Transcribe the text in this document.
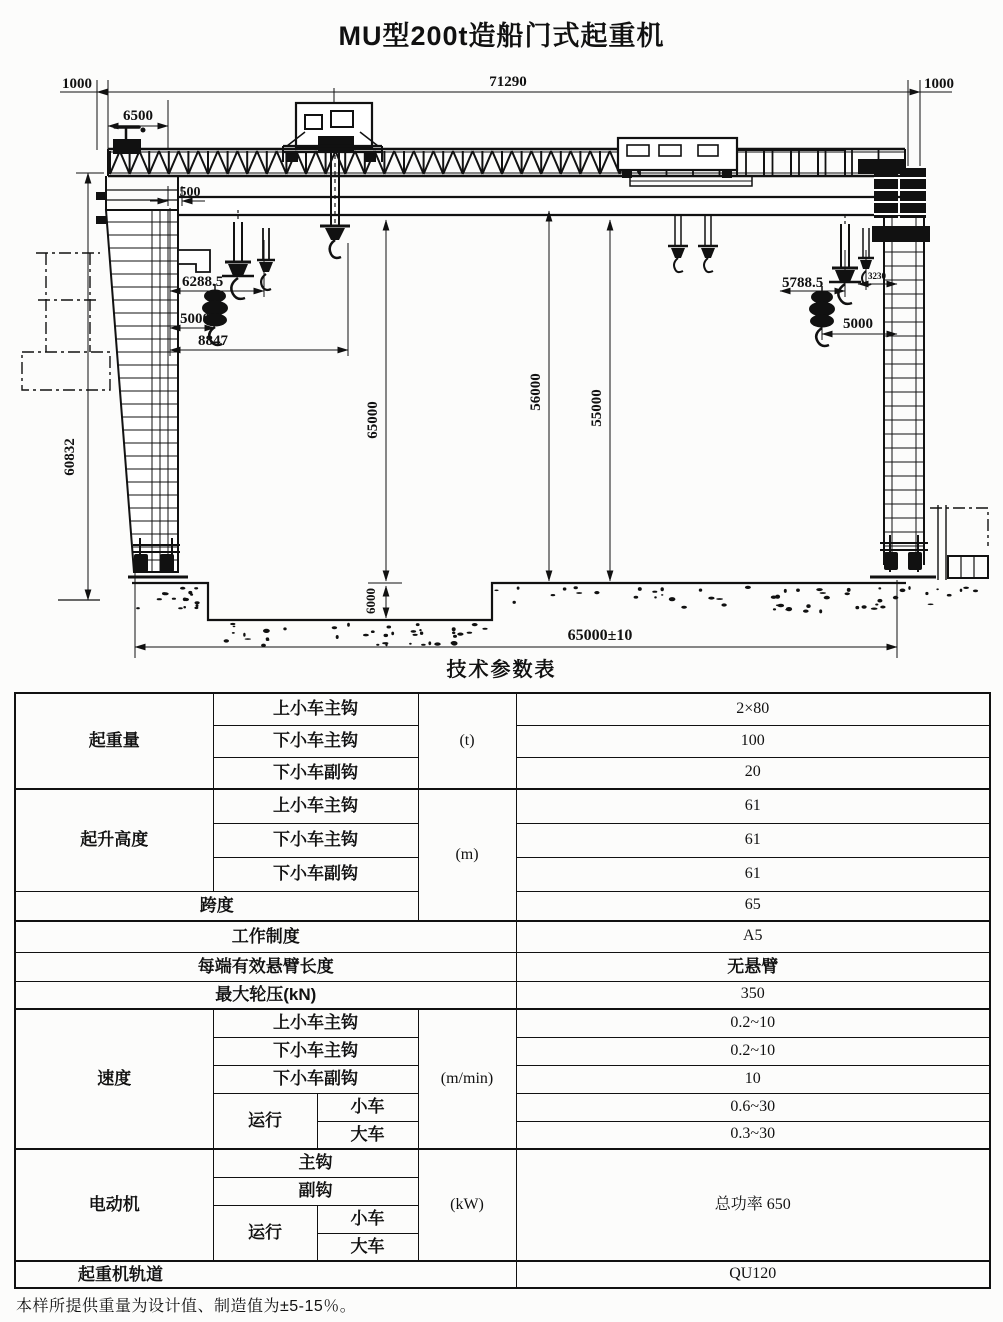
MU型200t造船门式起重机
1000	71290	1000
6500
500
6288.5
5000
8847
5788.5	3230
5000
60832
65000
6000
56000	55000
65000±10
技术参数表
起重量	上小车主钩		(t)	2×80
	下小车主钩			100
	下小车副钩			20
起升高度	上小车主钩		(m)	61
	下小车主钩			61
	下小车副钩			61
跨度				65
工作制度				A5
每端有效悬臂长度				无悬臂
最大轮压(kN)				350
速度	上小车主钩		(m/min)	0.2~10
	下小车主钩			0.2~10
	下小车副钩			10
	运行	小车		0.6~30
		大车		0.3~30
电动机	主钩		(kW)	总功率 650
	副钩			
	运行	小车		
		大车		
起重机轨道				QU120
本样所提供重量为设计值、制造值为±5-15％。
